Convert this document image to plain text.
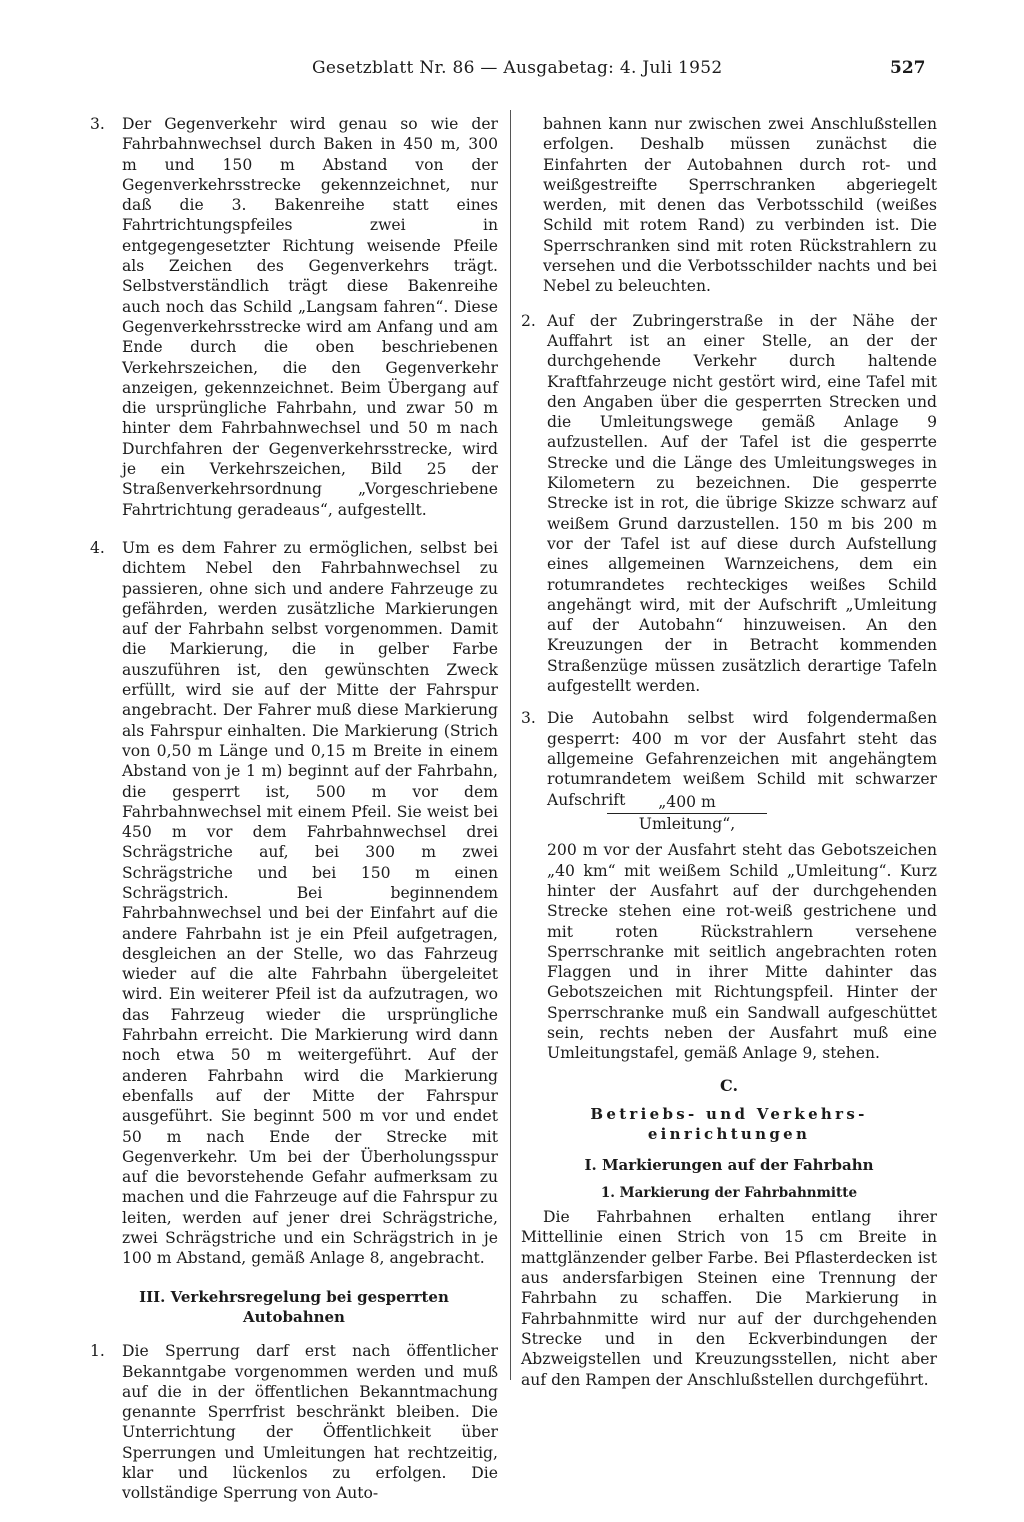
Gesetzblatt Nr. 86 — Ausgabetag: 4. Juli 1952	527
3. Der Gegenverkehr wird genau so wie der Fahrbahnwechsel durch Baken in 450 m, 300 m und 150 m Abstand von der Gegenverkehrsstrecke gekennzeichnet, nur daß die 3. Bakenreihe statt eines Fahrtrichtungspfeiles zwei in entgegengesetzter Richtung weisende Pfeile als Zeichen des Gegenverkehrs trägt. Selbstverständlich trägt diese Bakenreihe auch noch das Schild „Langsam fahren“. Diese Gegenverkehrsstrecke wird am Anfang und am Ende durch die oben beschriebenen Verkehrszeichen, die den Gegenverkehr anzeigen, gekennzeichnet. Beim Übergang auf die ursprüngliche Fahrbahn, und zwar 50 m hinter dem Fahrbahnwechsel und 50 m nach Durchfahren der Gegenverkehrsstrecke, wird je ein Verkehrszeichen, Bild 25 der Straßenverkehrsordnung „Vorgeschriebene Fahrtrichtung geradeaus“, aufgestellt.
4. Um es dem Fahrer zu ermöglichen, selbst bei dichtem Nebel den Fahrbahnwechsel zu passieren, ohne sich und andere Fahrzeuge zu gefährden, werden zusätzliche Markierungen auf der Fahrbahn selbst vorgenommen. Damit die Markierung, die in gelber Farbe auszuführen ist, den gewünschten Zweck erfüllt, wird sie auf der Mitte der Fahrspur angebracht. Der Fahrer muß diese Markierung als Fahrspur einhalten. Die Markierung (Strich von 0,50 m Länge und 0,15 m Breite in einem Abstand von je 1 m) beginnt auf der Fahrbahn, die gesperrt ist, 500 m vor dem Fahrbahnwechsel mit einem Pfeil. Sie weist bei 450 m vor dem Fahrbahnwechsel drei Schrägstriche auf, bei 300 m zwei Schrägstriche und bei 150 m einen Schrägstrich. Bei beginnendem Fahrbahnwechsel und bei der Einfahrt auf die andere Fahrbahn ist je ein Pfeil aufgetragen, desgleichen an der Stelle, wo das Fahrzeug wieder auf die alte Fahrbahn übergeleitet wird. Ein weiterer Pfeil ist da aufzutragen, wo das Fahrzeug wieder die ursprüngliche Fahrbahn erreicht. Die Markierung wird dann noch etwa 50 m weitergeführt. Auf der anderen Fahrbahn wird die Markierung ebenfalls auf der Mitte der Fahrspur ausgeführt. Sie beginnt 500 m vor und endet 50 m nach Ende der Strecke mit Gegenverkehr. Um bei der Überholungsspur auf die bevorstehende Gefahr aufmerksam zu machen und die Fahrzeuge auf die Fahrspur zu leiten, werden auf jener drei Schrägstriche, zwei Schrägstriche und ein Schrägstrich in je 100 m Abstand, gemäß Anlage 8, angebracht.
III. Verkehrsregelung bei gesperrten Autobahnen
1. Die Sperrung darf erst nach öffentlicher Bekanntgabe vorgenommen werden und muß auf die in der öffentlichen Bekanntmachung genannte Sperrfrist beschränkt bleiben. Die Unterrichtung der Öffentlichkeit über Sperrungen und Umleitungen hat rechtzeitig, klar und lückenlos zu erfolgen. Die vollständige Sperrung von Auto-
bahnen kann nur zwischen zwei Anschlußstellen erfolgen. Deshalb müssen zunächst die Einfahrten der Autobahnen durch rot- und weißgestreifte Sperrschranken abgeriegelt werden, mit denen das Verbotsschild (weißes Schild mit rotem Rand) zu verbinden ist. Die Sperrschranken sind mit roten Rückstrahlern zu versehen und die Verbotsschilder nachts und bei Nebel zu beleuchten.
2. Auf der Zubringerstraße in der Nähe der Auffahrt ist an einer Stelle, an der der durchgehende Verkehr durch haltende Kraftfahrzeuge nicht gestört wird, eine Tafel mit den Angaben über die gesperrten Strecken und die Umleitungswege gemäß Anlage 9 aufzustellen. Auf der Tafel ist die gesperrte Strecke und die Länge des Umleitungsweges in Kilometern zu bezeichnen. Die gesperrte Strecke ist in rot, die übrige Skizze schwarz auf weißem Grund darzustellen. 150 m bis 200 m vor der Tafel ist auf diese durch Aufstellung eines allgemeinen Warnzeichens, dem ein rotumrandetes rechteckiges weißes Schild angehängt wird, mit der Aufschrift „Umleitung auf der Autobahn“ hinzuweisen. An den Kreuzungen der in Betracht kommenden Straßenzüge müssen zusätzlich derartige Tafeln aufgestellt werden.
3. Die Autobahn selbst wird folgendermaßen gesperrt: 400 m vor der Ausfahrt steht das allgemeine Gefahrenzeichen mit angehängtem rotumrandetem weißem Schild mit schwarzer Aufschrift	„400 m
Umleitung“,
200 m vor der Ausfahrt steht das Gebotszeichen „40 km“ mit weißem Schild „Umleitung“. Kurz hinter der Ausfahrt auf der durchgehenden Strecke stehen eine rot-weiß gestrichene und mit roten Rückstrahlern versehene Sperrschranke mit seitlich angebrachten roten Flaggen und in ihrer Mitte dahinter das Gebotszeichen mit Richtungspfeil. Hinter der Sperrschranke muß ein Sandwall aufgeschüttet sein, rechts neben der Ausfahrt muß eine Umleitungstafel, gemäß Anlage 9, stehen.
C.
Betriebs- und Verkehrs-
einrichtungen
I. Markierungen auf der Fahrbahn
1. Markierung der Fahrbahnmitte

Die Fahrbahnen erhalten entlang ihrer Mittellinie einen Strich von 15 cm Breite in mattglänzender gelber Farbe. Bei Pflasterdecken ist aus andersfarbigen Steinen eine Trennung der Fahrbahn zu schaffen. Die Markierung in Fahrbahnmitte wird nur auf der durchgehenden Strecke und in den Eckverbindungen der Abzweigstellen und Kreuzungsstellen, nicht aber auf den Rampen der Anschlußstellen durchgeführt.
